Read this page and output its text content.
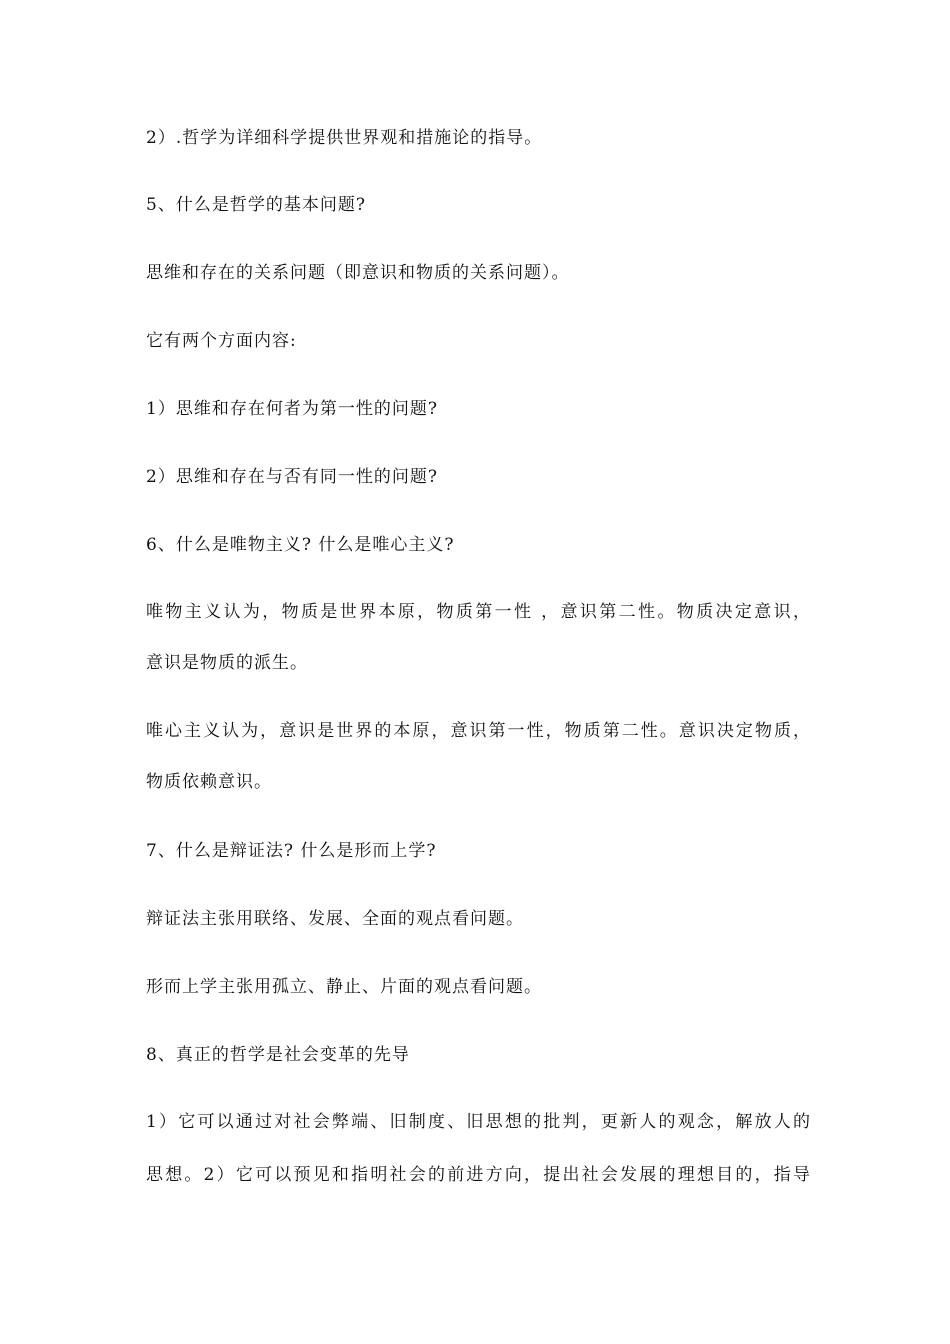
2）.哲学为详细科学提供世界观和措施论的指导。
5、什么是哲学的基本问题?
思维和存在的关系问题（即意识和物质的关系问题）。
它有两个方面内容:
1）思维和存在何者为第一性的问题?
2）思维和存在与否有同一性的问题?
6、什么是唯物主义? 什么是唯心主义?
唯物主义认为，物质是世界本原，物质第一性 ，意识第二性。物质决定意识，
意识是物质的派生。
唯心主义认为，意识是世界的本原，意识第一性，物质第二性。意识决定物质，
物质依赖意识。
7、什么是辩证法? 什么是形而上学?
辩证法主张用联络、发展、全面的观点看问题。
形而上学主张用孤立、静止、片面的观点看问题。
8、真正的哲学是社会变革的先导
1）它可以通过对社会弊端、旧制度、旧思想的批判，更新人的观念，解放人的
思想。2）它可以预见和指明社会的前进方向，提出社会发展的理想目的，指导
